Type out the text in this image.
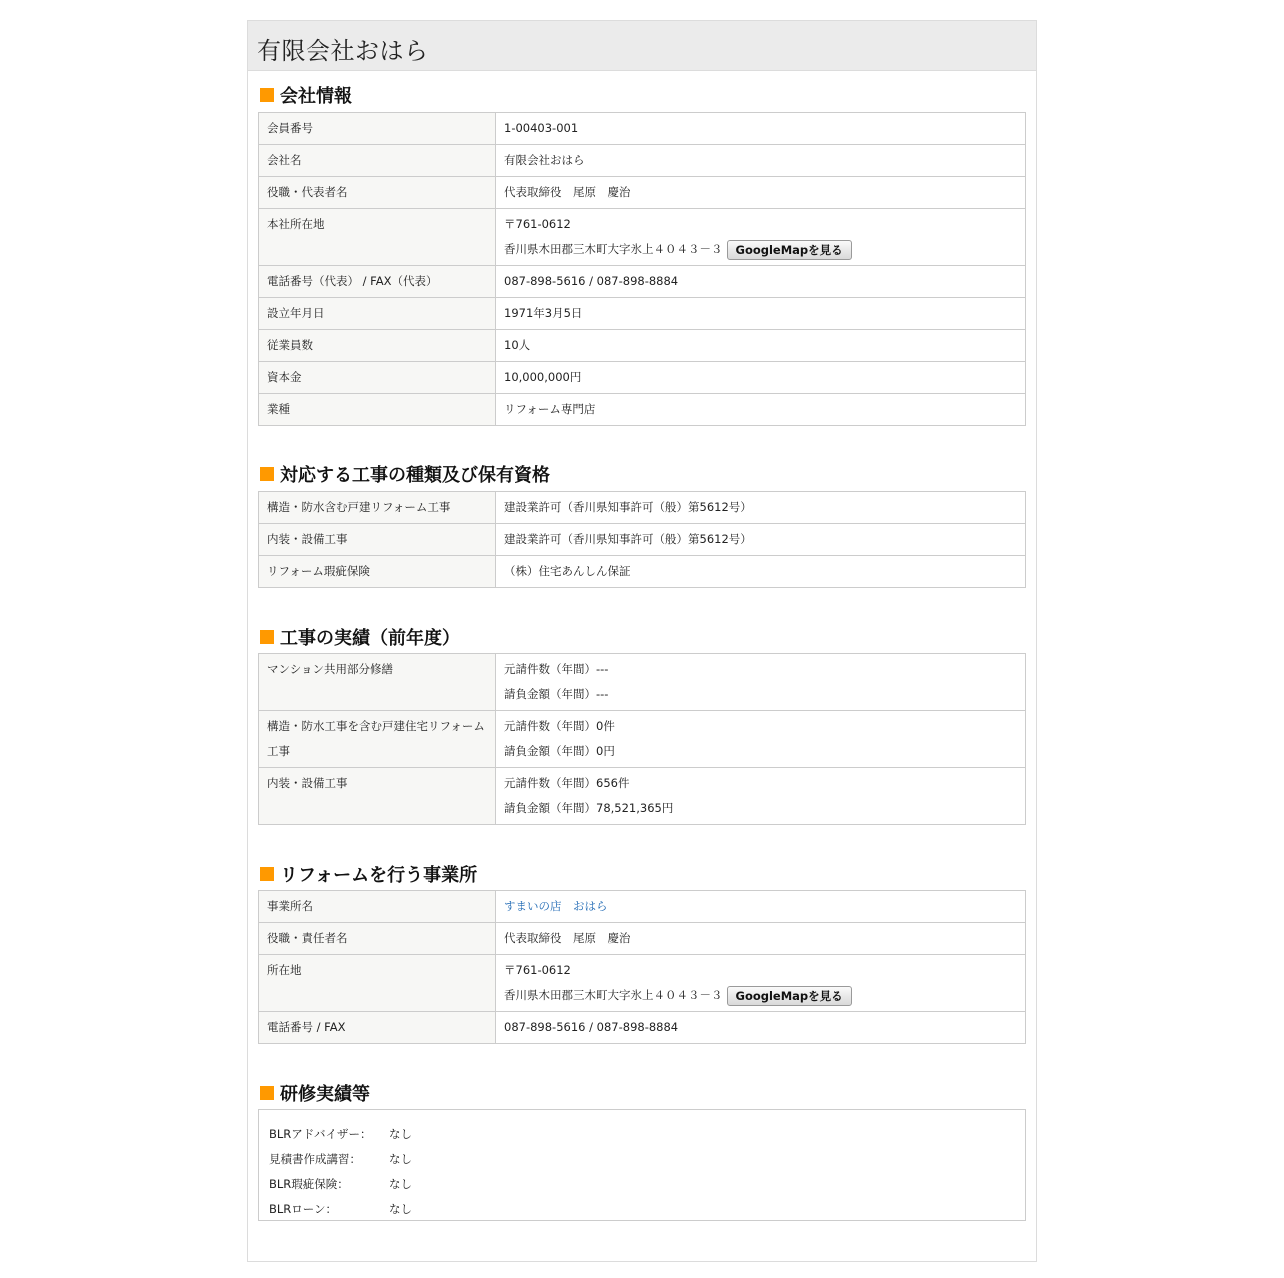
有限会社おはら
会社情報
会員番号	1-00403-001
会社名	有限会社おはら
役職・代表者名	代表取締役　尾原　慶治
本社所在地	〒761-0612
香川県木田郡三木町大字氷上４０４３－３ GoogleMapを見る

電話番号（代表） / FAX（代表）	087-898-5616 / 087-898-8884
設立年月日	1971年3月5日
従業員数	10人
資本金	10,000,000円
業種	リフォーム専門店
対応する工事の種類及び保有資格
構造・防水含む戸建リフォーム工事	建設業許可（香川県知事許可（般）第5612号）
内装・設備工事	建設業許可（香川県知事許可（般）第5612号）
リフォーム瑕疵保険	（株）住宅あんしん保証
工事の実績（前年度）
マンション共用部分修繕	元請件数（年間）---
請負金額（年間）---

構造・防水工事を含む戸建住宅リフォーム工事	元請件数（年間）0件
請負金額（年間）0円

内装・設備工事	元請件数（年間）656件
請負金額（年間）78,521,365円
リフォームを行う事業所
事業所名	すまいの店　おはら
役職・責任者名	代表取締役　尾原　慶治
所在地	〒761-0612
香川県木田郡三木町大字氷上４０４３－３ GoogleMapを見る

電話番号 / FAX	087-898-5616 / 087-898-8884
研修実績等
BLRアドバイザー：	なし
見積書作成講習：	なし
BLR瑕疵保険：	なし
BLRローン：	なし
